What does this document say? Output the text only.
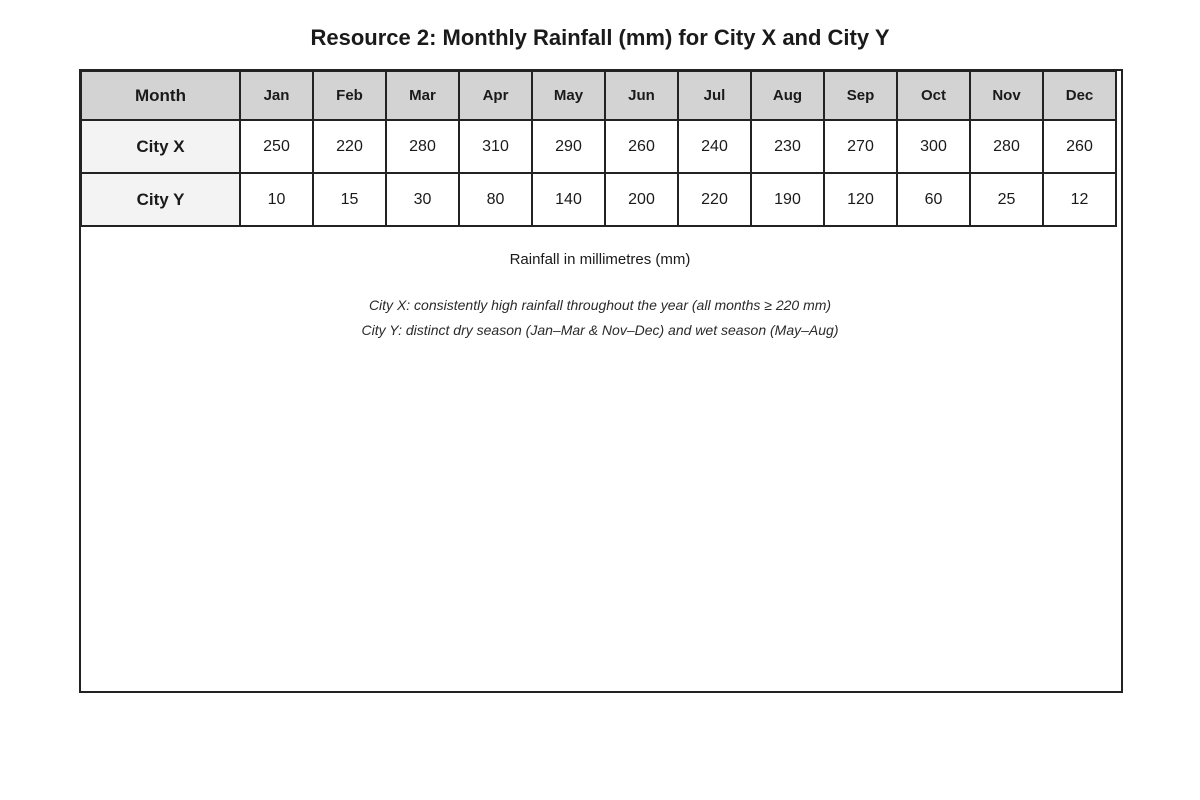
Resource 2: Monthly Rainfall (mm) for City X and City Y
Month	Jan	Feb	Mar	Apr	May	Jun	Jul	Aug	Sep	Oct	Nov	Dec
City X	250	220	280	310	290	260	240	230	270	300	280	260
City Y	10	15	30	80	140	200	220	190	120	60	25	12
Rainfall in millimetres (mm)
City X: consistently high rainfall throughout the year (all months ≥ 220 mm)
City Y: distinct dry season (Jan–Mar & Nov–Dec) and wet season (May–Aug)
